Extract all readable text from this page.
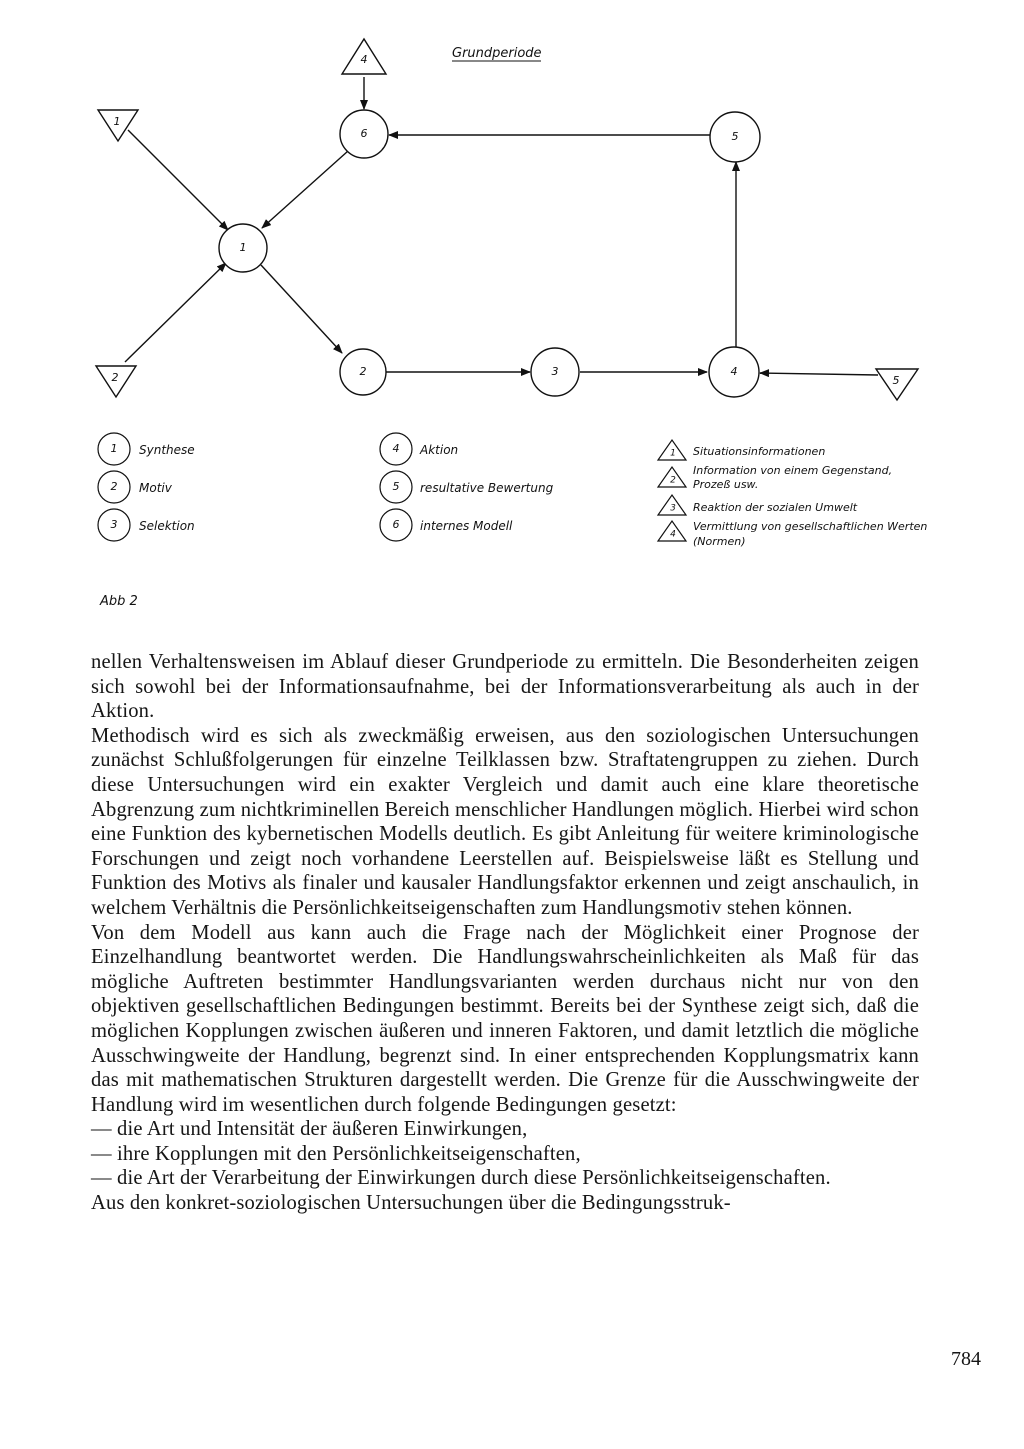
Grundperiode
1
2	3	4
5
6
1
2
4
5
1 Synthese
2 Motiv
3 Selektion
4 Aktion
5 resultative Bewertung
6 internes Modell
1 Situationsinformationen
2
Information von einem Gegenstand,
Prozeß usw.
3 Reaktion der sozialen Umwelt
4
Vermittlung von gesellschaftlichen Werten
(Normen)
Abb 2

nellen Verhaltensweisen im Ablauf dieser Grundperiode zu ermitteln. Die Besonderheiten zeigen sich sowohl bei der Informationsaufnahme, bei der Informationsverarbeitung als auch in der Aktion.

Methodisch wird es sich als zweckmäßig erweisen, aus den soziologischen Untersuchungen zunächst Schlußfolgerungen für einzelne Teilklassen bzw. Straftatengruppen zu ziehen. Durch diese Untersuchungen wird ein exakter Vergleich und damit auch eine klare theoretische Abgrenzung zum nichtkriminellen Bereich menschlicher Handlungen möglich. Hierbei wird schon eine Funktion des kybernetischen Modells deutlich. Es gibt Anleitung für weitere kriminologische Forschungen und zeigt noch vorhandene Leerstellen auf. Beispielsweise läßt es Stellung und Funktion des Motivs als finaler und kausaler Handlungsfaktor erkennen und zeigt anschaulich, in welchem Verhältnis die Persönlichkeitseigenschaften zum Handlungsmotiv stehen können.

Von dem Modell aus kann auch die Frage nach der Möglichkeit einer Prognose der Einzelhandlung beantwortet werden. Die Handlungswahrscheinlichkeiten als Maß für das mögliche Auftreten bestimmter Handlungsvarianten werden durchaus nicht nur von den objektiven gesellschaftlichen Bedingungen bestimmt. Bereits bei der Synthese zeigt sich, daß die möglichen Kopplungen zwischen äußeren und inneren Faktoren, und damit letztlich die mögliche Ausschwingweite der Handlung, begrenzt sind. In einer entsprechenden Kopplungsmatrix kann das mit mathematischen Strukturen dargestellt werden. Die Grenze für die Ausschwingweite der Handlung wird im wesentlichen durch folgende Bedingungen gesetzt:

— die Art und Intensität der äußeren Einwirkungen,
— ihre Kopplungen mit den Persönlichkeitseigenschaften,
— die Art der Verarbeitung der Einwirkungen durch diese Persönlichkeitseigenschaften.

Aus den konkret-soziologischen Untersuchungen über die Bedingungsstruk-

784
